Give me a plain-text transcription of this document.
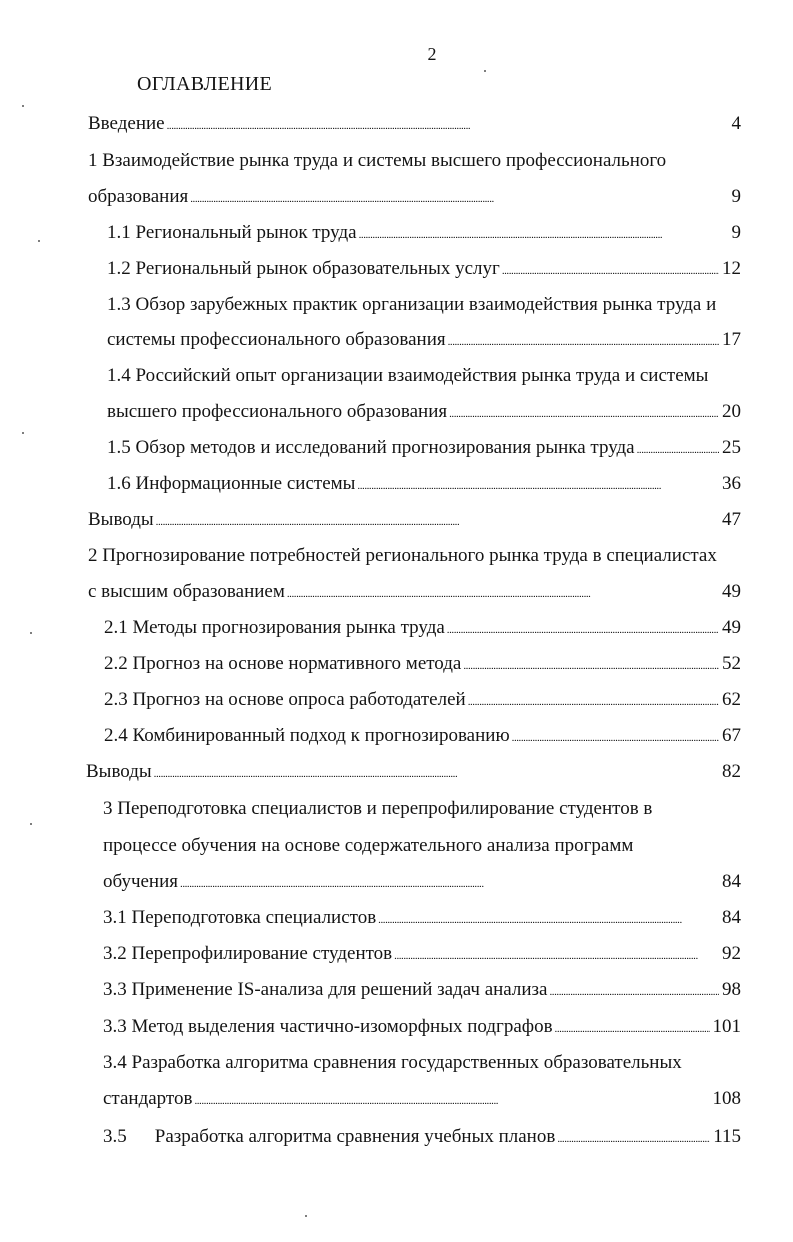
2
ОГЛАВЛЕНИЕ
Введение . . .	4
1 Взаимодействие рынка труда и системы высшего профессионального
образования . . .	9
1.1 Региональный рынок труда . . .	9
1.2 Региональный рынок образовательных услуг . . .	12
1.3 Обзор зарубежных практик организации взаимодействия рынка труда и
системы профессионального образования . . .	17
1.4 Российский опыт организации взаимодействия рынка труда и системы
высшего профессионального образования . . .	20
1.5 Обзор методов и исследований прогнозирования рынка труда . . .	25
1.6 Информационные системы . . .	36
Выводы . . .	47
2 Прогнозирование потребностей регионального рынка труда в специалистах
с высшим образованием . . .	49
2.1 Методы прогнозирования рынка труда . . .	49
2.2 Прогноз на основе нормативного метода . . .	52
2.3 Прогноз на основе опроса работодателей . . .	62
2.4 Комбинированный подход к прогнозированию . . .	67
Выводы . . .	82
3 Переподготовка специалистов и перепрофилирование студентов в
процессе обучения на основе содержательного анализа программ
обучения . . .	84
3.1 Переподготовка специалистов . . .	84
3.2 Перепрофилирование студентов . . .	92
3.3 Применение IS-анализа для решений задач анализа . . .	98
3.3 Метод выделения частично-изоморфных подграфов . . .	101
3.4 Разработка алгоритма сравнения государственных образовательных
стандартов . . .	108
3.5 Разработка алгоритма сравнения учебных планов . . .	115
